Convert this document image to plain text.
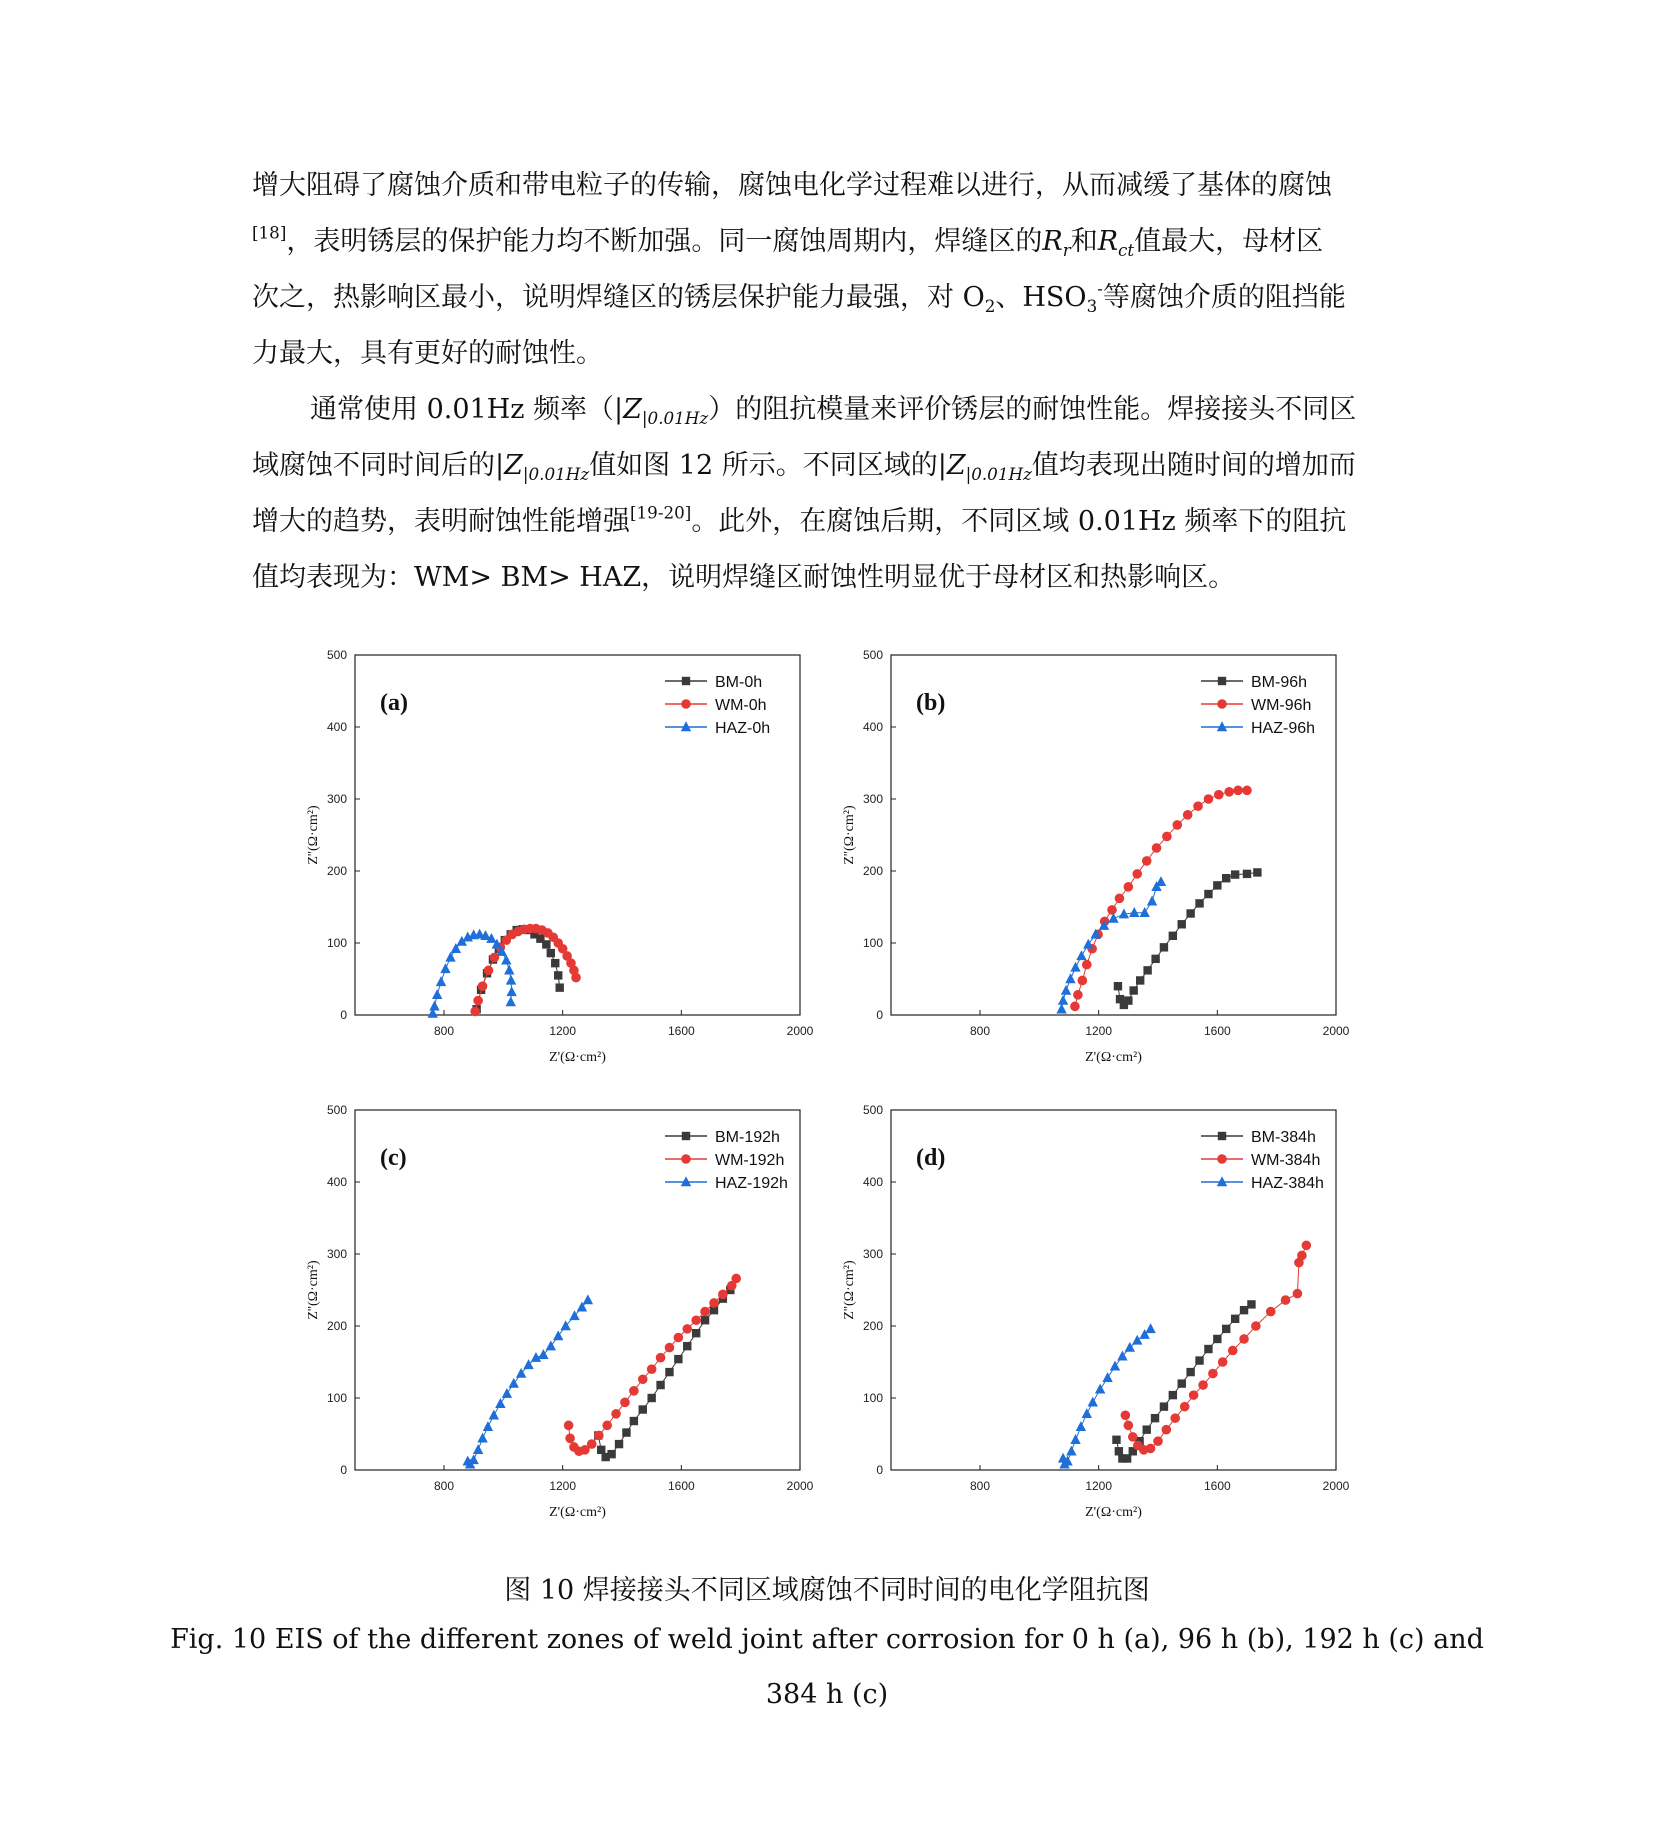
增大阻碍了腐蚀介质和带电粒子的传输，腐蚀电化学过程难以进行，从而减缓了基体的腐蚀
[18]，表明锈层的保护能力均不断加强。同一腐蚀周期内，焊缝区的$R_r$和$R_{ct}$值最大，母材区
次之，热影响区最小，说明焊缝区的锈层保护能力最强，对 $O_2$、$HSO_3^-$等腐蚀介质的阻挡能
力最大，具有更好的耐蚀性。
通常使用 0.01Hz 频率$(|Z_{|0.01Hz})$的阻抗模量来评价锈层的耐蚀性能。焊接接头不同区
域腐蚀不同时间后的$|Z_{|0.01Hz}$值如图 12 所示。不同区域的$|Z_{|0.01Hz}$值均表现出随时间的增加而
增大的趋势，表明耐蚀性能增强[19-20]。此外，在腐蚀后期，不同区域 0.01Hz 频率下的阻抗
值均表现为：WM> BM> HAZ，说明焊缝区耐蚀性明显优于母材区和热影响区。
800	1200	1600	2000
0
100
200
300
400
500
Z'(Ω·cm²)
Z''(Ω·cm²)
(a)
BM-0h
WM-0h
HAZ-0h
800	1200	1600	2000
0
100
200
300
400
500
Z'(Ω·cm²)
Z''(Ω·cm²)
(b)
BM-96h
WM-96h
HAZ-96h
800	1200	1600	2000
0
100
200
300
400
500
Z'(Ω·cm²)
Z''(Ω·cm²)
(c)
BM-192h
WM-192h
HAZ-192h
800	1200	1600	2000
0
100
200
300
400
500
Z'(Ω·cm²)
Z''(Ω·cm²)
(d)
BM-384h
WM-384h
HAZ-384h

图 10 焊接接头不同区域腐蚀不同时间的电化学阻抗图

Fig. 10 EIS of the different zones of weld joint after corrosion for 0 h (a), 96 h (b), 192 h (c) and

384 h (c)
